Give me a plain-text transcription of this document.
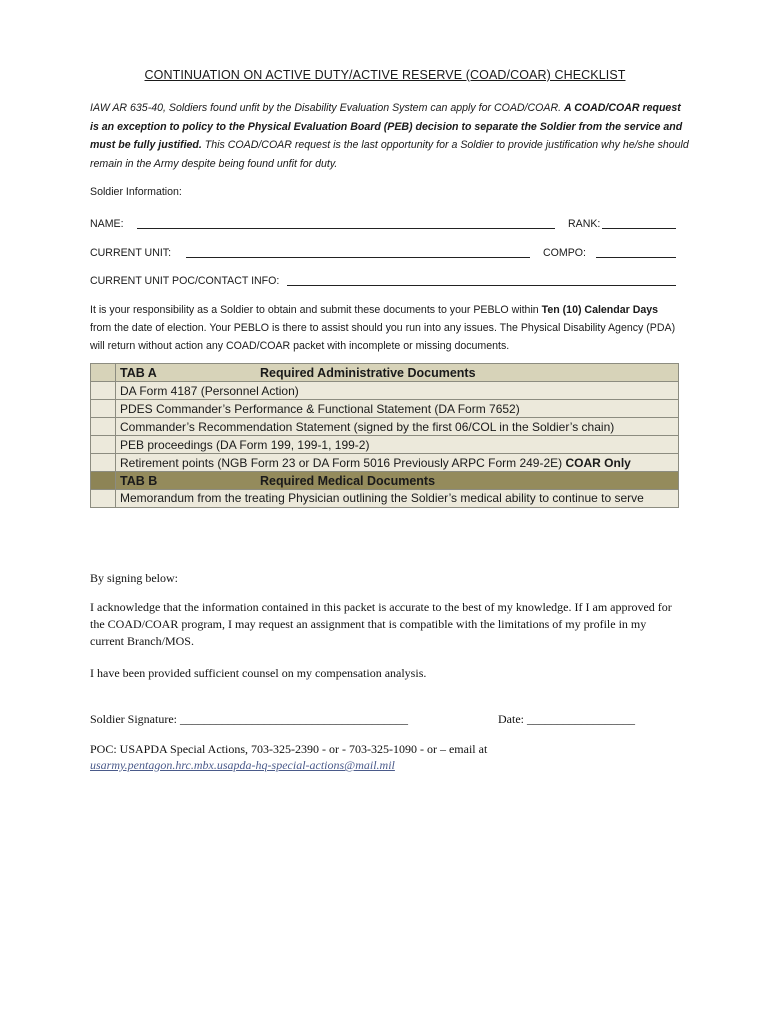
CONTINUATION ON ACTIVE DUTY/ACTIVE RESERVE (COAD/COAR) CHECKLIST
IAW AR 635-40, Soldiers found unfit by the Disability Evaluation System can apply for COAD/COAR. A COAD/COAR request is an exception to policy to the Physical Evaluation Board (PEB) decision to separate the Soldier from the service and must be fully justified. This COAD/COAR request is the last opportunity for a Soldier to provide justification why he/she should remain in the Army despite being found unfit for duty.
Soldier Information:
NAME:	RANK:
CURRENT UNIT:	COMPO:
CURRENT UNIT POC/CONTACT INFO:
It is your responsibility as a Soldier to obtain and submit these documents to your PEBLO within Ten (10) Calendar Days from the date of election. Your PEBLO is there to assist should you run into any issues. The Physical Disability Agency (PDA) will return without action any COAD/COAR packet with incomplete or missing documents.
	TAB A Required Administrative Documents
	DA Form 4187 (Personnel Action)
	PDES Commander’s Performance & Functional Statement (DA Form 7652)
	Commander’s Recommendation Statement (signed by the first 06/COL in the Soldier’s chain)
	PEB proceedings (DA Form 199, 199-1, 199-2)
	Retirement points (NGB Form 23 or DA Form 5016 Previously ARPC Form 249-2E) COAR Only
	TAB B Required Medical Documents
	Memorandum from the treating Physician outlining the Soldier’s medical ability to continue to serve
By signing below:
I acknowledge that the information contained in this packet is accurate to the best of my knowledge. If I am approved for the COAD/COAR program, I may request an assignment that is compatible with the limitations of my profile in my current Branch/MOS.
I have been provided sufficient counsel on my compensation analysis.
Soldier Signature: ______________________________________	Date: __________________
POC: USAPDA Special Actions, 703-325-2390 - or - 703-325-1090 - or – email at
usarmy.pentagon.hrc.mbx.usapda-hq-special-actions@mail.mil
